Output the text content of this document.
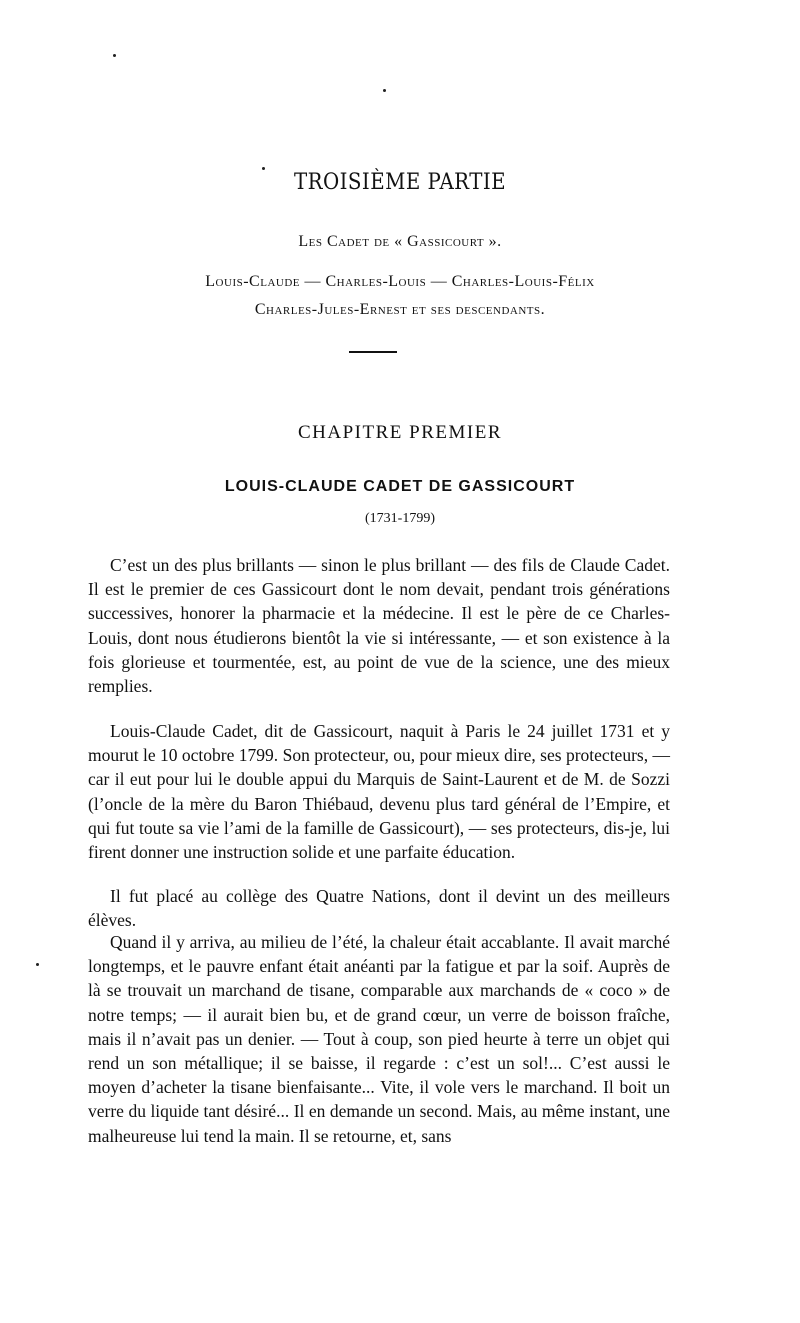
TROISIÈME PARTIE
Les Cadet de « Gassicourt ».
Louis-Claude — Charles-Louis — Charles-Louis-Félix
Charles-Jules-Ernest et ses descendants.
CHAPITRE PREMIER
LOUIS-CLAUDE CADET DE GASSICOURT
(1731-1799)

C’est un des plus brillants — sinon le plus brillant — des fils de Claude Cadet. Il est le premier de ces Gassicourt dont le nom devait, pendant trois générations successives, honorer la pharmacie et la médecine. Il est le père de ce Charles-Louis, dont nous étudierons bientôt la vie si intéressante, — et son existence à la fois glorieuse et tourmentée, est, au point de vue de la science, une des mieux remplies.

Louis-Claude Cadet, dit de Gassicourt, naquit à Paris le 24 juillet 1731 et y mourut le 10 octobre 1799. Son protecteur, ou, pour mieux dire, ses protecteurs, — car il eut pour lui le double appui du Marquis de Saint-Laurent et de M. de Sozzi (l’oncle de la mère du Baron Thiébaud, devenu plus tard général de l’Empire, et qui fut toute sa vie l’ami de la famille de Gassicourt), — ses protecteurs, dis-je, lui firent donner une instruction solide et une parfaite éducation.

Il fut placé au collège des Quatre Nations, dont il devint un des meilleurs élèves.

Quand il y arriva, au milieu de l’été, la chaleur était accablante. Il avait marché longtemps, et le pauvre enfant était anéanti par la fatigue et par la soif. Auprès de là se trouvait un marchand de tisane, comparable aux marchands de « coco » de notre temps; — il aurait bien bu, et de grand cœur, un verre de boisson fraîche, mais il n’avait pas un denier. — Tout à coup, son pied heurte à terre un objet qui rend un son métallique; il se baisse, il regarde : c’est un sol!... C’est aussi le moyen d’acheter la tisane bienfaisante... Vite, il vole vers le marchand. Il boit un verre du liquide tant désiré... Il en demande un second. Mais, au même instant, une malheureuse lui tend la main. Il se retourne, et, sans
